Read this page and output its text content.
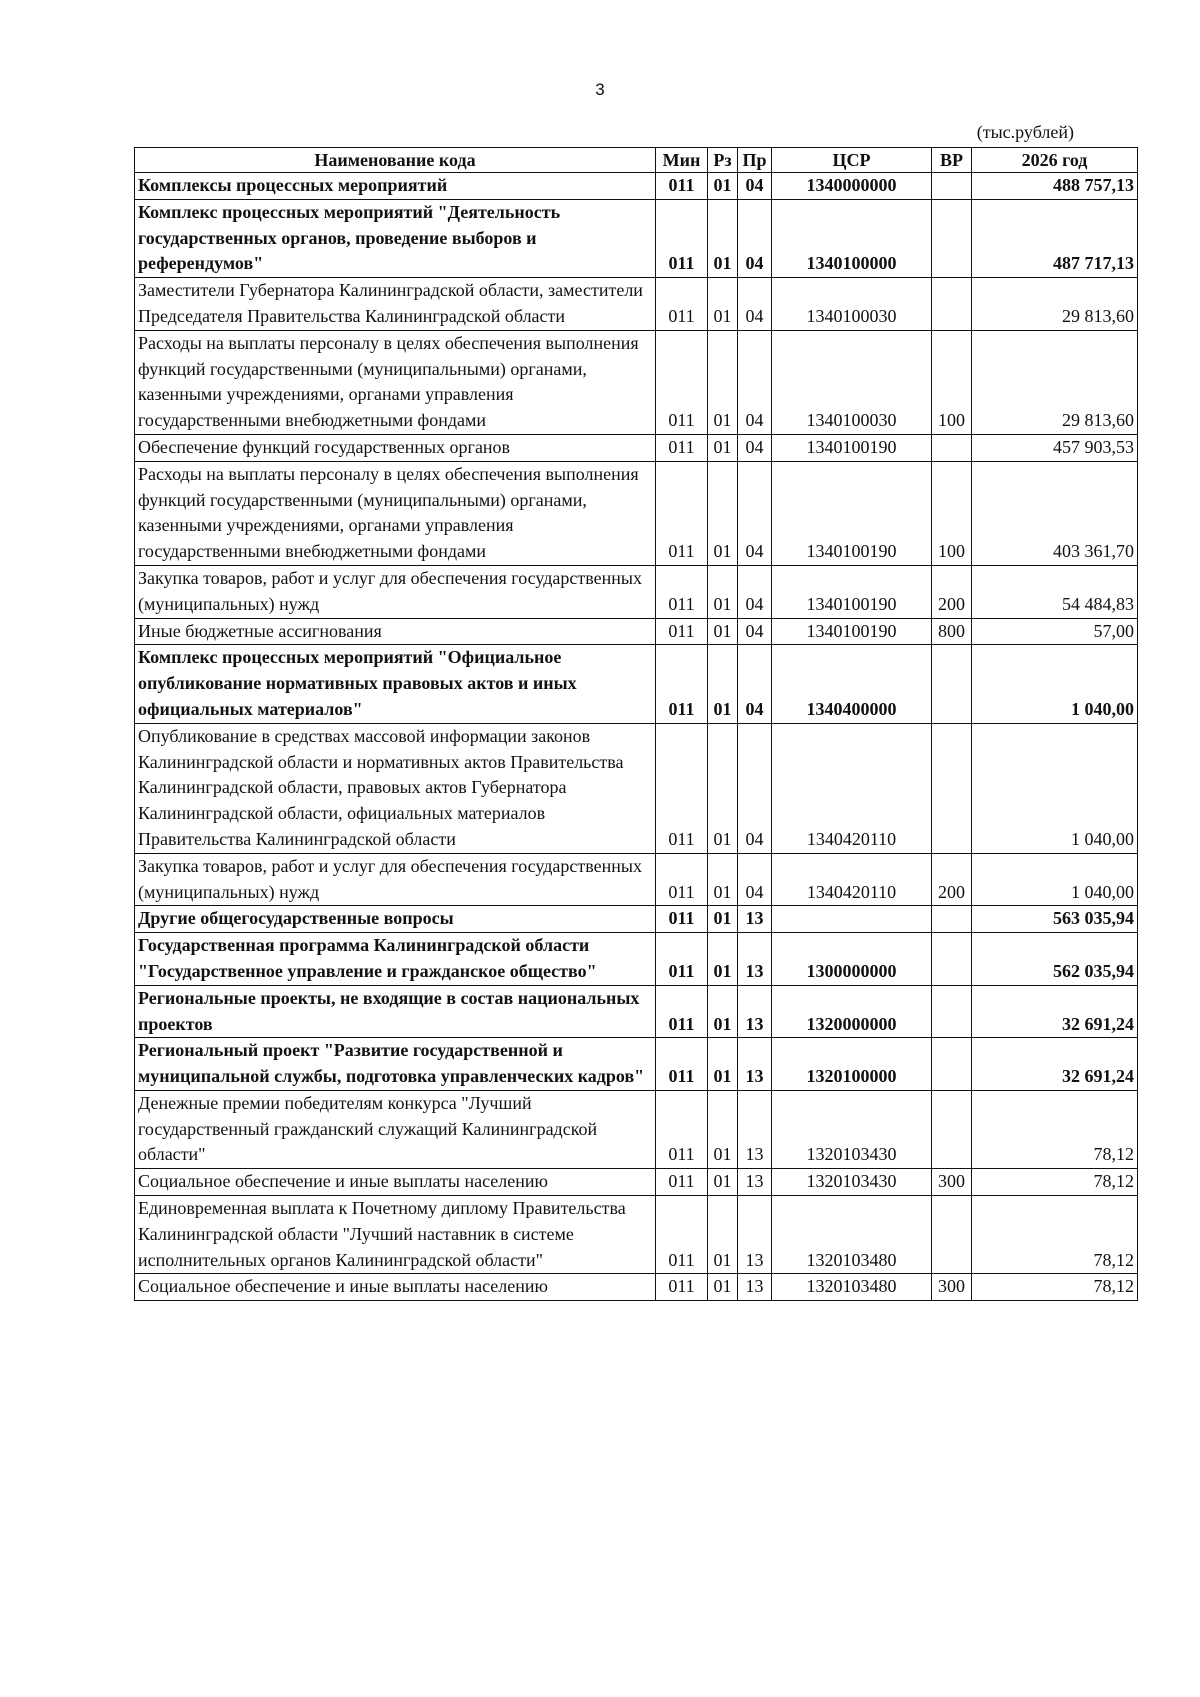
3
(тыс.рублей)
Наименование кода	Мин	Рз	Пр	ЦСР	ВР	2026 год
Комплексы процессных мероприятий	011	01	04	1340000000		488 757,13
Комплекс процессных мероприятий "Деятельность государственных органов, проведение выборов и референдумов"	011	01	04	1340100000		487 717,13
Заместители Губернатора Калининградской области, заместители Председателя Правительства Калининградской области	011	01	04	1340100030		29 813,60
Расходы на выплаты персоналу в целях обеспечения выполнения функций государственными (муниципальными) органами, казенными учреждениями, органами управления государственными внебюджетными фондами	011	01	04	1340100030	100	29 813,60
Обеспечение функций государственных органов	011	01	04	1340100190		457 903,53
Расходы на выплаты персоналу в целях обеспечения выполнения функций государственными (муниципальными) органами, казенными учреждениями, органами управления государственными внебюджетными фондами	011	01	04	1340100190	100	403 361,70
Закупка товаров, работ и услуг для обеспечения государственных (муниципальных) нужд	011	01	04	1340100190	200	54 484,83
Иные бюджетные ассигнования	011	01	04	1340100190	800	57,00
Комплекс процессных мероприятий "Официальное опубликование нормативных правовых актов и иных официальных материалов"	011	01	04	1340400000		1 040,00
Опубликование в средствах массовой информации законов Калининградской области и нормативных актов Правительства Калининградской области, правовых актов Губернатора Калининградской области, официальных материалов Правительства Калининградской области	011	01	04	1340420110		1 040,00
Закупка товаров, работ и услуг для обеспечения государственных (муниципальных) нужд	011	01	04	1340420110	200	1 040,00
Другие общегосударственные вопросы	011	01	13			563 035,94
Государственная программа Калининградской области "Государственное управление и гражданское общество"	011	01	13	1300000000		562 035,94
Региональные проекты, не входящие в состав национальных проектов	011	01	13	1320000000		32 691,24
Региональный проект "Развитие государственной и муниципальной службы, подготовка управленческих кадров"	011	01	13	1320100000		32 691,24
Денежные премии победителям конкурса "Лучший государственный гражданский служащий Калининградской области"	011	01	13	1320103430		78,12
Социальное обеспечение и иные выплаты населению	011	01	13	1320103430	300	78,12
Единовременная выплата к Почетному диплому Правительства Калининградской области "Лучший наставник в системе исполнительных органов Калининградской области"	011	01	13	1320103480		78,12
Социальное обеспечение и иные выплаты населению	011	01	13	1320103480	300	78,12
